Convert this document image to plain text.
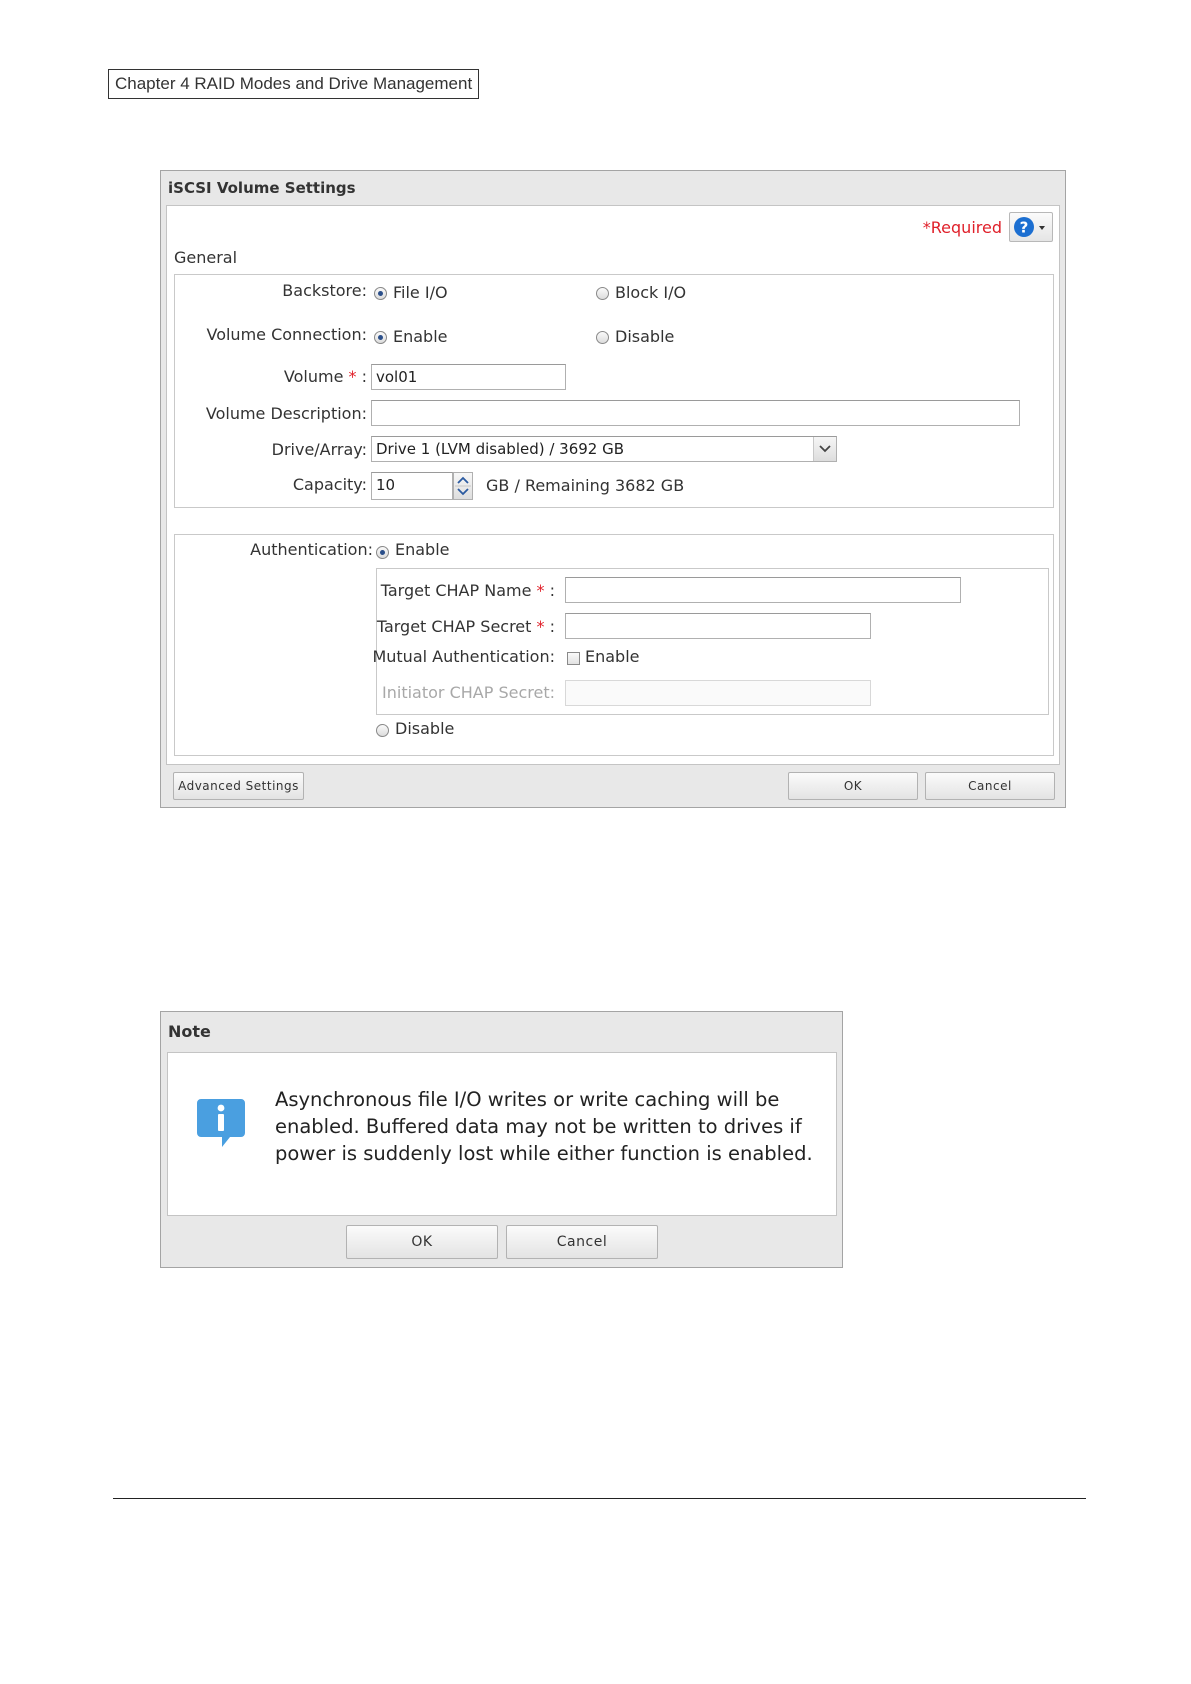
Chapter 4 RAID Modes and Drive Management
iSCSI Volume Settings
*Required ?
General
Backstore: File I/O	Block I/O
Volume Connection: Enable	Disable
Volume * : vol01
Volume Description:
Drive/Array: Drive 1 (LVM disabled) / 3692 GB
Capacity: 10	GB / Remaining 3682 GB
Authentication: Enable
Target CHAP Name * :
Target CHAP Secret * :
Mutual Authentication: Enable
Initiator CHAP Secret:
Disable
Advanced Settings	OK	Cancel
Note
OK	Cancel
Asynchronous file I/O writes or write caching will be
enabled. Buffered data may not be written to drives if
power is suddenly lost while either function is enabled.
